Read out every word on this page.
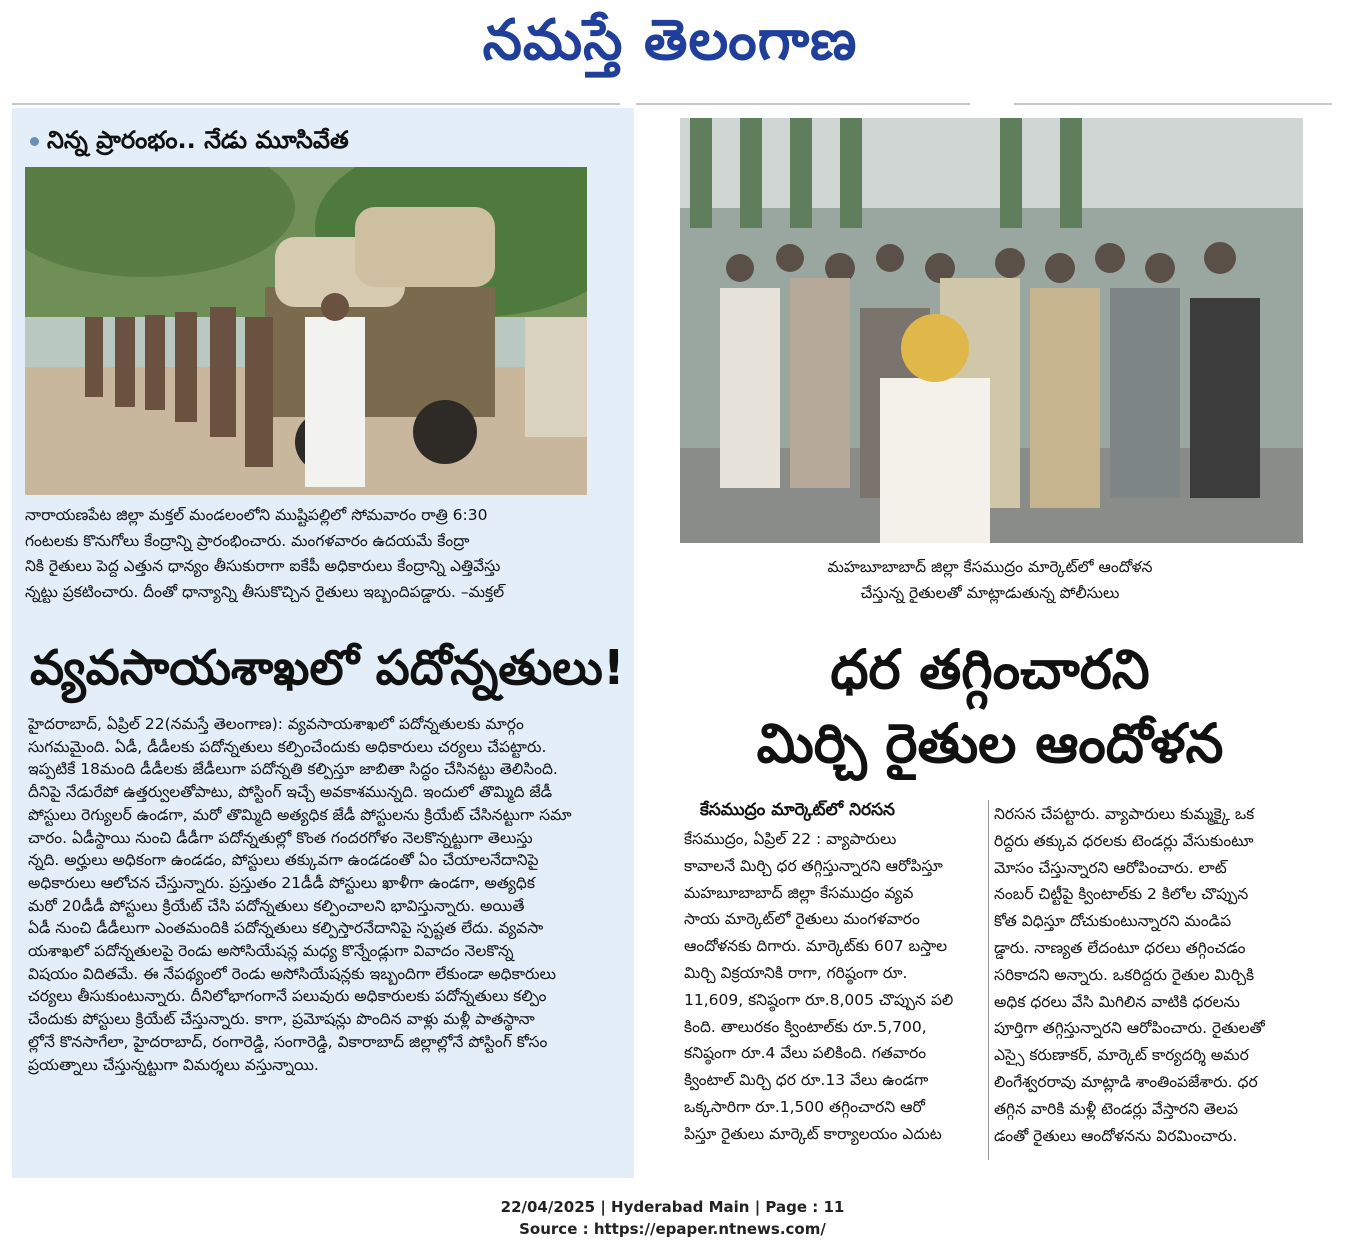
నమస్తే తెలంగాణ
నిన్న ప్రారంభం.. నేడు మూసివేత
నారాయణపేట జిల్లా మక్తల్ మండలంలోని ముష్టిపల్లిలో సోమవారం రాత్రి 6:30
గంటలకు కొనుగోలు కేంద్రాన్ని ప్రారంభించారు. మంగళవారం ఉదయమే కేంద్రా
నికి రైతులు పెద్ద ఎత్తున ధాన్యం తీసుకురాగా ఐకేపీ అధికారులు కేంద్రాన్ని ఎత్తివేస్తు
న్నట్టు ప్రకటించారు. దీంతో ధాన్యాన్ని తీసుకొచ్చిన రైతులు ఇబ్బందిపడ్డారు. –మక్తల్
వ్యవసాయశాఖలో పదోన్నతులు!
హైదరాబాద్, ఏప్రిల్ 22(నమస్తే తెలంగాణ): వ్యవసాయశాఖలో పదోన్నతులకు మార్గం
సుగమమైంది. ఏడీ, డీడీలకు పదోన్నతులు కల్పించేందుకు అధికారులు చర్యలు చేపట్టారు.
ఇప్పటికే 18మంది డీడీలకు జేడీలుగా పదోన్నతి కల్పిస్తూ జాబితా సిద్ధం చేసినట్టు తెలిసింది.
దీనిపై నేడురేపో ఉత్తర్వులతోపాటు, పోస్టింగ్ ఇచ్చే అవకాశమున్నది. ఇందులో తొమ్మిది జేడీ
పోస్టులు రెగ్యులర్ ఉండగా, మరో తొమ్మిది అత్యధిక జేడీ పోస్టులను క్రియేట్ చేసినట్టుగా సమా
చారం. ఏడీస్థాయి నుంచి డీడీగా పదోన్నతుల్లో కొంత గందరగోళం నెలకొన్నట్టుగా తెలుస్తు
న్నది. అర్హులు అధికంగా ఉండడం, పోస్టులు తక్కువగా ఉండడంతో ఏం చేయాలనేదానిపై
అధికారులు ఆలోచన చేస్తున్నారు. ప్రస్తుతం 21డీడీ పోస్టులు ఖాళీగా ఉండగా, అత్యధిక
మరో 20డీడీ పోస్టులు క్రియేట్ చేసి పదోన్నతులు కల్పించాలని భావిస్తున్నారు. అయితే
ఏడీ నుంచి డీడీలుగా ఎంతమందికి పదోన్నతులు కల్పిస్తారనేదానిపై స్పష్టత లేదు. వ్యవసా
యశాఖలో పదోన్నతులపై రెండు అసోసియేషన్ల మధ్య కొన్నేండ్లుగా వివాదం నెలకొన్న
విషయం విదితమే. ఈ నేపథ్యంలో రెండు అసోసియేషన్లకు ఇబ్బందిగా లేకుండా అధికారులు
చర్యలు తీసుకుంటున్నారు. దీనిలోభాగంగానే పలువురు అధికారులకు పదోన్నతులు కల్పిం
చేందుకు పోస్టులు క్రియేట్ చేస్తున్నారు. కాగా, ప్రమోషన్లు పొందిన వాళ్లు మళ్లీ పాతస్థానా
ల్లోనే కొనసాగేలా, హైదరాబాద్, రంగారెడ్డి, సంగారెడ్డి, వికారాబాద్ జిల్లాల్లోనే పోస్టింగ్ కోసం
ప్రయత్నాలు చేస్తున్నట్టుగా విమర్శలు వస్తున్నాయి.
మహబూబాబాద్ జిల్లా కేసముద్రం మార్కెట్‌లో ఆందోళన
చేస్తున్న రైతులతో మాట్లాడుతున్న పోలీసులు
ధర తగ్గించారని
మిర్చి రైతుల ఆందోళన
కేసముద్రం మార్కెట్‌లో నిరసన
కేసముద్రం, ఏప్రిల్ 22 : వ్యాపారులు
కావాలనే మిర్చి ధర తగ్గిస్తున్నారని ఆరోపిస్తూ
మహబూబాబాద్ జిల్లా కేసముద్రం వ్యవ
సాయ మార్కెట్‌లో రైతులు మంగళవారం
ఆందోళనకు దిగారు. మార్కెట్‌కు 607 బస్తాల
మిర్చి విక్రయానికి రాగా, గరిష్ఠంగా రూ.
11,609, కనిష్ఠంగా రూ.8,005 చొప్పున పలి
కింది. తాలురకం క్వింటాల్‌కు రూ.5,700,
కనిష్ఠంగా రూ.4 వేలు పలికింది. గతవారం
క్వింటాల్ మిర్చి ధర రూ.13 వేలు ఉండగా
ఒక్కసారిగా రూ.1,500 తగ్గించారని ఆరో
పిస్తూ రైతులు మార్కెట్ కార్యాలయం ఎదుట
నిరసన చేపట్టారు. వ్యాపారులు కుమ్మక్కై ఒక
రిద్దరు తక్కువ ధరలకు టెండర్లు వేసుకుంటూ
మోసం చేస్తున్నారని ఆరోపించారు. లాట్
నంబర్ చిట్టీపై క్వింటాల్‌కు 2 కిలోల చొప్పున
కోత విధిస్తూ దోచుకుంటున్నారని మండిప
డ్డారు. నాణ్యత లేదంటూ ధరలు తగ్గించడం
సరికాదని అన్నారు. ఒకరిద్దరు రైతుల మిర్చికి
అధిక ధరలు వేసి మిగిలిన వాటికి ధరలను
పూర్తిగా తగ్గిస్తున్నారని ఆరోపించారు. రైతులతో
ఎస్సై కరుణాకర్, మార్కెట్ కార్యదర్శి అమర
లింగేశ్వరరావు మాట్లాడి శాంతింపజేశారు. ధర
తగ్గిన వారికి మళ్లీ టెండర్లు వేస్తారని తెలప
డంతో రైతులు ఆందోళనను విరమించారు.
22/04/2025 | Hyderabad Main | Page : 11
Source : https://epaper.ntnews.com/
